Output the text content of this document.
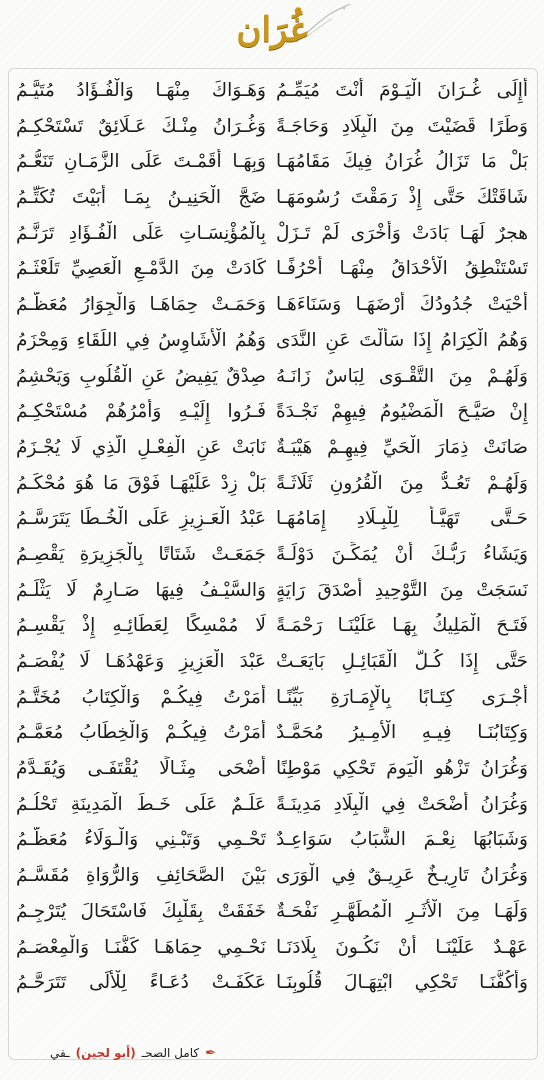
غُرَان
أَإِلَى غُـرَانَ الْيَـوْمَ أَنْتَ مُيَمِّـمُ
وَهَـوَاكَ مِنْهَـا وَالْفُـؤَادُ مُتَيَّـمُ
وَطَرًا قَضَيْتَ مِنَ الْبِلَادِ وَحَاجَـةً
وَغُـرَانُ مِنْـكَ عَـلَائِقٌ تَسْتَحْكِـمُ
بَلْ مَا تَزَالُ غُرَانُ فِيكَ مَقَامُهَـا
وَبِهَـا أَقَمْـتَ عَلَى الزَّمَـانِ تَنَعُّـمُ
شَاقَتْكَ حَتَّى إِذْ رَمَقْتَ رُسُومَهَـا
ضَجَّ الْحَنِيـنُ بِمَـا أَبَيْتَ تُكَتِّـمُ
هجرٌ لَهَـا بَادَتْ وَأُخْرَى لَمْ تَـزَلْ
بِالْمُؤْنِسَـاتِ عَلَى الْفُـؤَادِ تَرَنَّـمُ
تَسْتَنْطِقُ الْأَحْدَاقُ مِنْهَـا أَحْرُفًـا
كَادَتْ مِنَ الدَّمْـعِ الْعَصِيِّ تَلَعْثَـمُ
أَحْيَتْ جُدُودُكَ أَرْضَهَـا وَسَنَاءَهَـا
وَحَمَـتْ حِمَاهَـا وَالْجِوَارُ مُعَظَّـمُ
وَهُمُ الْكِرَامُ إِذَا سَأَلْتَ عَنِ النَّدَى
وَهُمُ الْأَشَاوِسُ فِي اللِّقَاءِ وَمِحْزَمُ
وَلَهُـمْ مِنَ التَّقْـوَى لِبَاسٌ زَانَـهُ
صِدْقٌ يَفِيضُ عَنِ الْقُلُوبِ وَيَحْشِمُ
إِنْ صَيَّـحَ الْمَضْيُومُ فِيهِمْ نَجْـدَةً
فَـرُوا إِلَيْـهِ وَأَمْرُهُمْ مُسْتَحْكِـمُ
صَانَتْ ذِمَارَ الْحَيِّ فِيهِـمْ هَيْبَـةٌ
نَابَتْ عَنِ الْفِعْـلِ الَّذِي لَا يُجْـزَمُ
وَلَهُـمْ تَعُـدُّ مِنَ الْقُرُونِ ثَلَاثَـةً
بَلْ زِدْ عَلَيْهَـا فَوْقَ مَا هُوَ مُحْكَـمُ
حَـتَّى تَهَيَّـأَ لِلْبِـلَادِ إِمَامُهَـا
عَبْدُ الْعَـزِيزِ عَلَى الْخُـطَا يَتَرَسَّـمُ
وَيَشَاءُ رَبُّـكَ أَنْ يُمَكِّـنَ دَوْلَـةً
جَمَعَـتْ شَتَاتًا بِالْجَزِيرَةِ يَقْصِـمُ
نَسَجَتْ مِنَ التَّوْحِيدِ أَصْدَقَ رَايَةٍ
وَالسَّيْـفُ فِيهَا صَـارِمٌ لَا يَثْلَـمُ
فَتَـحَ الْمَلِيكُ بِهَـا عَلَيْنَـا رَحْمَـةً
لَا مُمْسِكًا لِعَطَائِـهِ إِذْ يَقْسِـمُ
حَتَّى إِذَا كُـلُّ الْقَبَائِـلِ بَايَعَـتْ
عَبْدَ الْعَزِيزِ وَعَهْدُهَـا لَا يُفْصَـمُ
أَجْـرَى كِتَـابًا بِالْإِمَـارَةِ بَيِّنًـا
أَمَرْتُ فِيكُـمْ وَالْكِتَابُ مُخَتَّـمُ
وَكِتَابُنَـا فِيـهِ الْأَمِـيرُ مُحَمَّـدٌ
أَمَرْتُ فِيكُـمْ وَالْخِطَابُ مُعَمَّـمُ
وَغُرَانُ تَزْهُو الْيَومَ تَحْكِي مَوْطِنًا
أَضْحَى مِثَـالًا يُقْتَفَـى وَيُقَـدَّمُ
وَغُرَانُ أَضْحَتْ فِي الْبِلَادِ مَدِينَـةً
عَلَـمٌ عَلَى خَـطِّ الْمَدِينَةِ تَحْلُـمُ
وَشَبَابُهَا نِعْـمَ الشَّبَابُ سَوَاعِـدٌ
تَحْـمِي وَتَبْـنِي وَالْـوَلَاءُ مُعَظَّـمُ
وَغُرَانُ تَارِيـخٌ عَرِيـقٌ فِي الْوَرَى
بَيْنَ الصَّحَائِفِ وَالرُّوَاةِ مُقَسَّـمُ
وَلَهَـا مِنَ الْأَثَـرِ الْمُطَهَّـرِ نَفْحَـةٌ
خَفَقَتْ بِقَلْبِكَ فَاسْتَحَالَ يُتَرْجِـمُ
عَهْـدٌ عَلَيْنَـا أَنْ نَكُـونَ بِلَادَنَـا
نَحْـمِي حِمَاهَـا كَفُّنَـا وَالْمِعْصَـمُ
وَأَكُفُّنَـا تَحْكِي ابْتِهَـالَ قُلُوبِنَـا
عَكَفَـتْ دُعَـاءً لِلْأُلَى تَتَرَحَّـمُ
✒
كامل الصحـ
(أبو لجين)
ـفي
